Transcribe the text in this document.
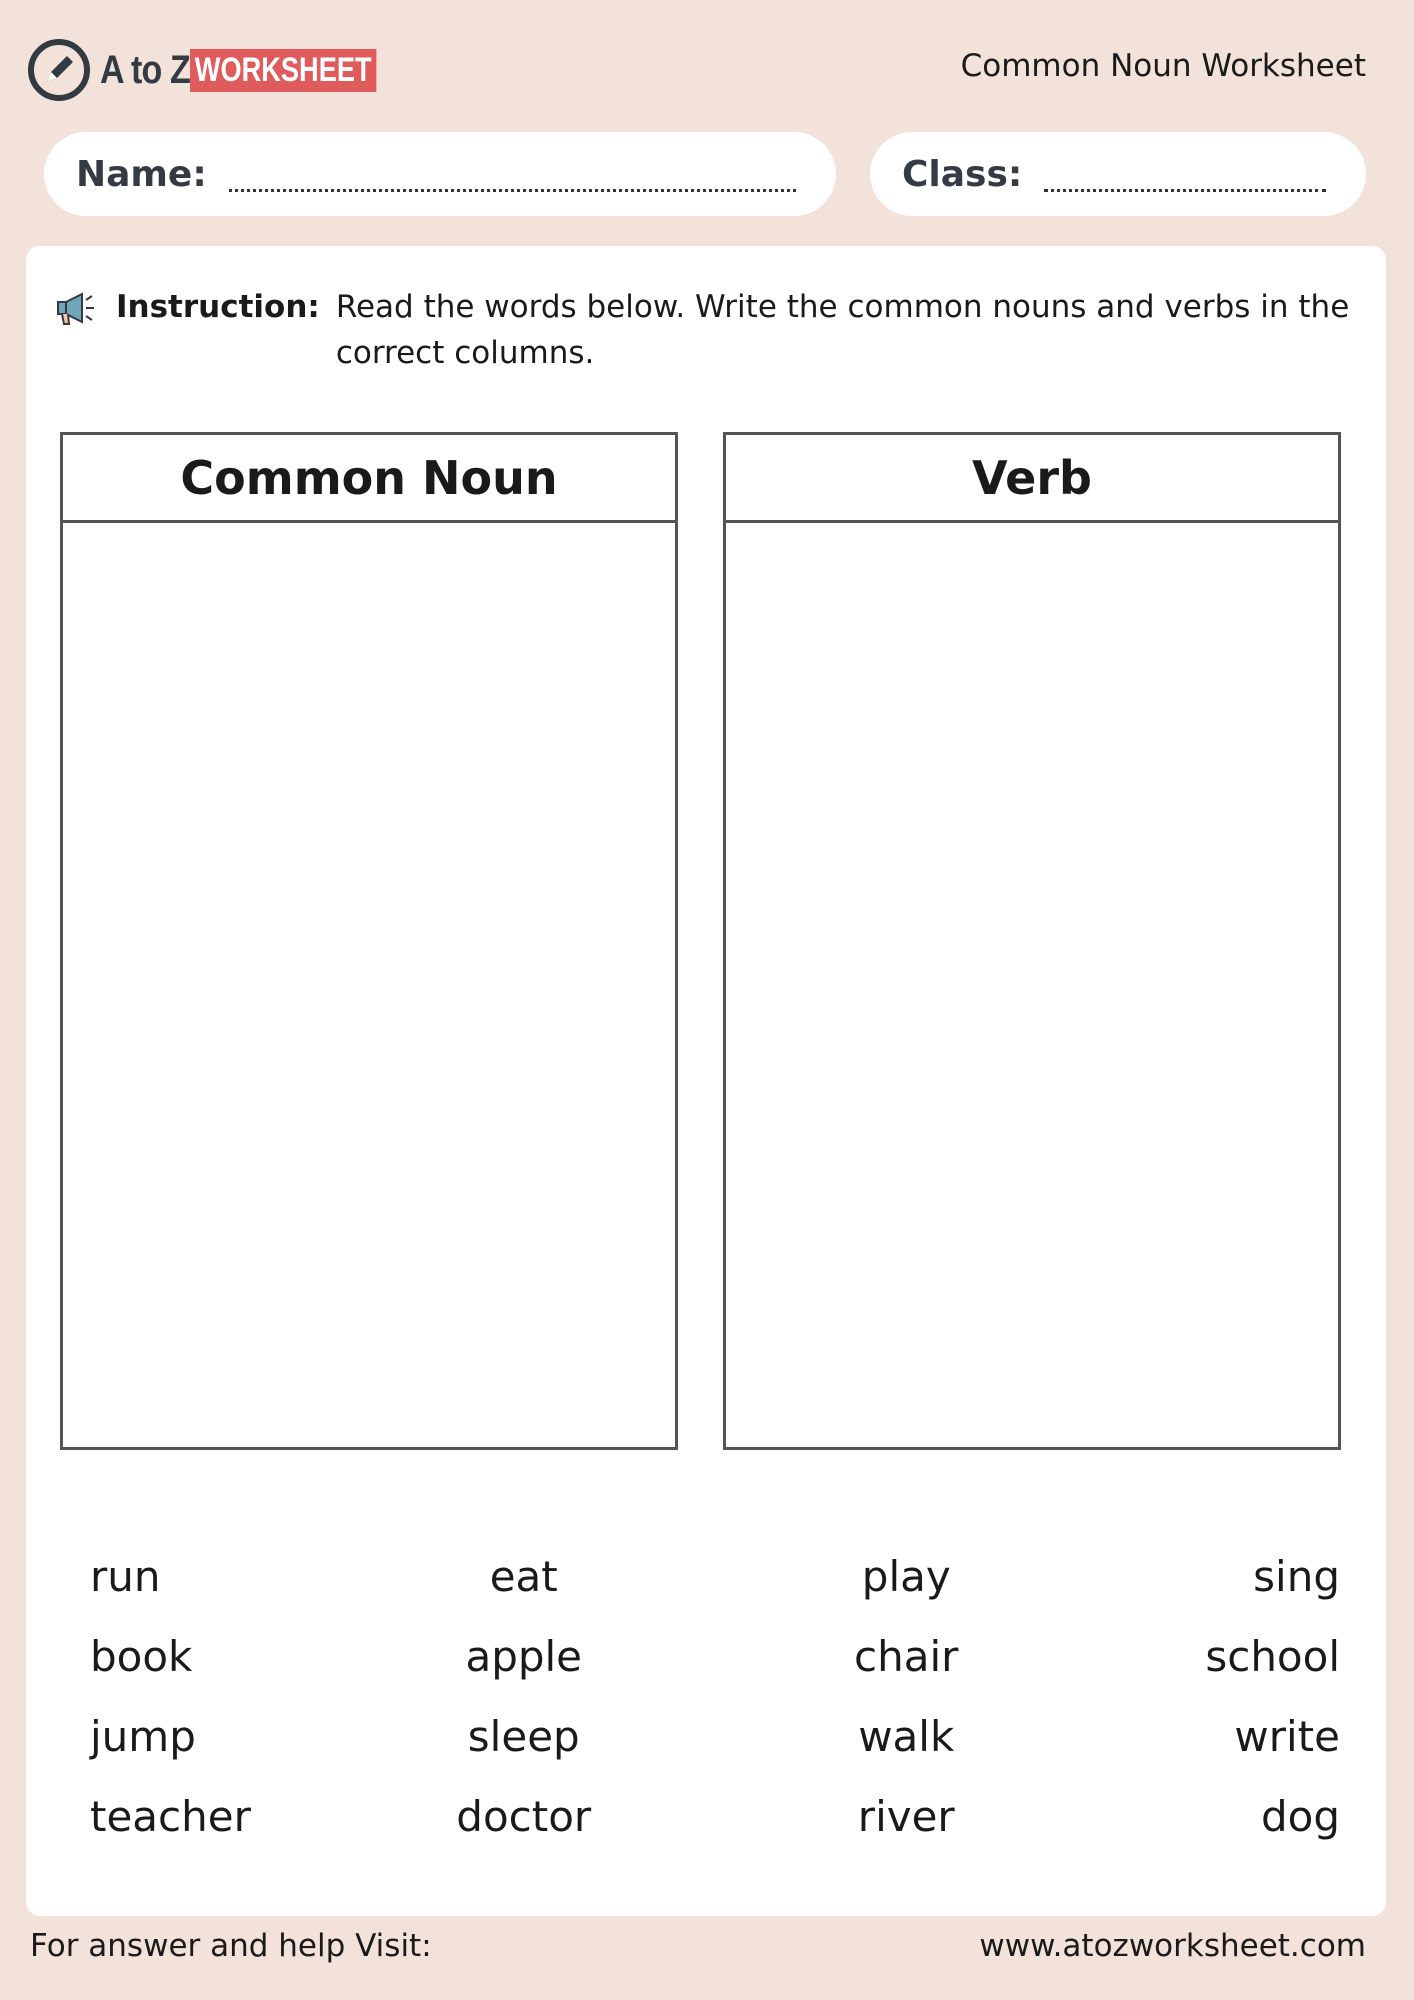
A to Z WORKSHEET	Common Noun Worksheet
Name:	Class:
Instruction: Read the words below. Write the common nouns and verbs in the correct columns.
Common Noun	Verb
run	eat	play	sing
book	apple	chair	school
jump	sleep	walk	write
teacher	doctor	river	dog
For answer and help Visit:	www.atozworksheet.com
